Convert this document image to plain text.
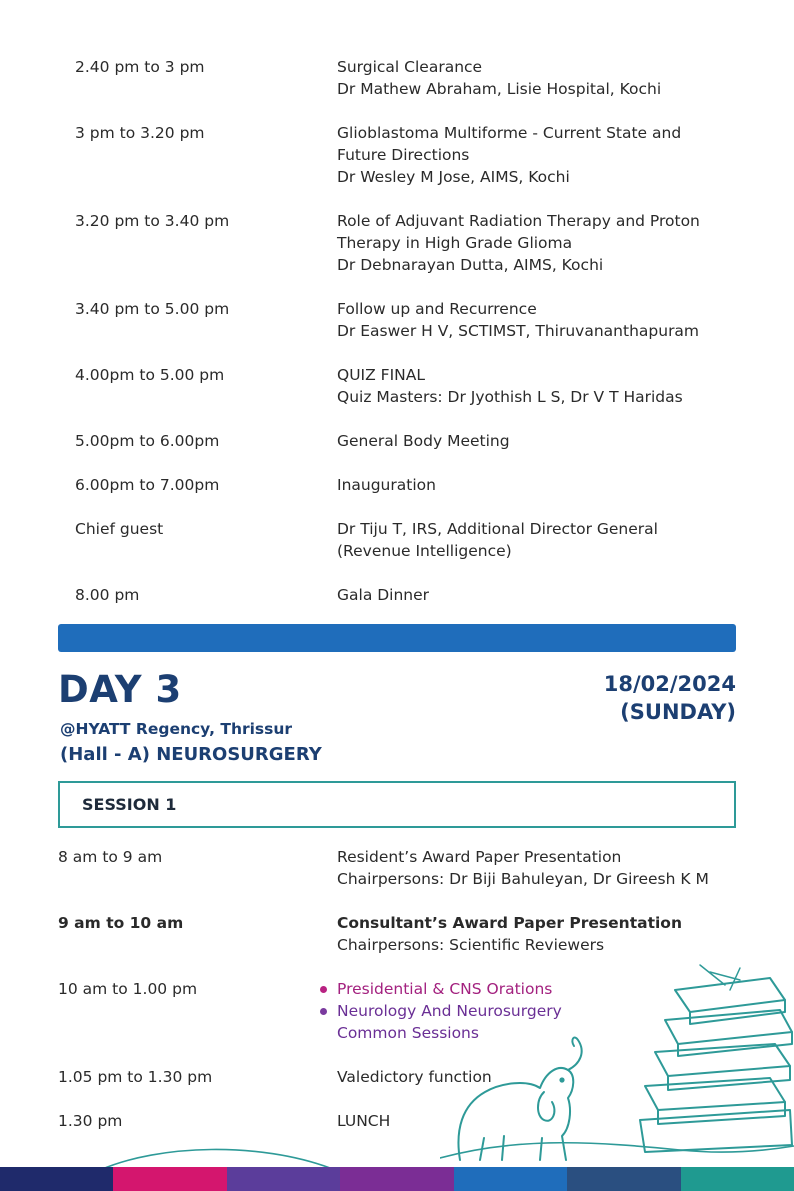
2.40 pm to 3 pm	Surgical Clearance
Dr Mathew Abraham, Lisie Hospital, Kochi
3 pm to 3.20 pm	Glioblastoma Multiforme - Current State and
Future Directions
Dr Wesley M Jose, AIMS, Kochi
3.20 pm to 3.40 pm	Role of Adjuvant Radiation Therapy and Proton
Therapy in High Grade Glioma
Dr Debnarayan Dutta, AIMS, Kochi
3.40 pm to 5.00 pm	Follow up and Recurrence
Dr Easwer H V, SCTIMST, Thiruvananthapuram
4.00pm to 5.00 pm	QUIZ FINAL
Quiz Masters: Dr Jyothish L S, Dr V T Haridas
5.00pm to 6.00pm	General Body Meeting
6.00pm to 7.00pm	Inauguration
Chief guest	Dr Tiju T, IRS, Additional Director General
(Revenue Intelligence)
8.00 pm	Gala Dinner
DAY 3
@HYATT Regency, Thrissur
(Hall - A) NEUROSURGERY
18/02/2024
(SUNDAY)
SESSION 1
8 am to 9 am	Resident’s Award Paper Presentation
Chairpersons: Dr Biji Bahuleyan, Dr Gireesh K M
9 am to 10 am	Consultant’s Award Paper Presentation
Chairpersons: Scientific Reviewers
10 am to 1.00 pm	Presidential & CNS Orations
Neurology And Neurosurgery
Common Sessions
1.05 pm to 1.30 pm	Valedictory function
1.30 pm	LUNCH
